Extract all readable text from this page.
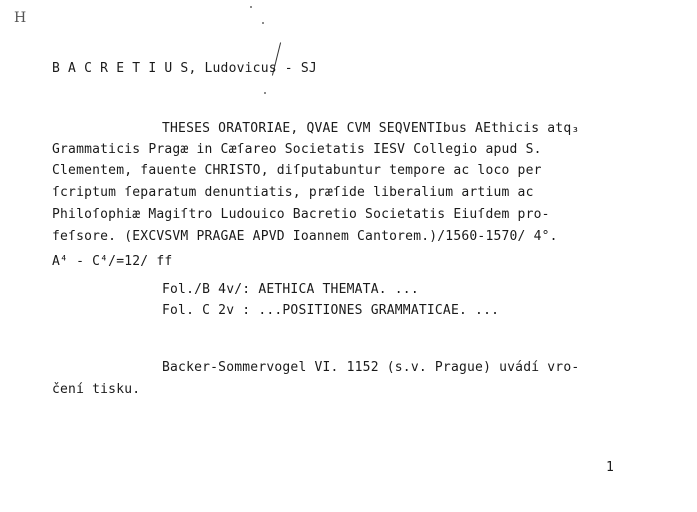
H
B A C R E T I U S, Ludovicus - SJ
THESES ORATORIAE, QVAE CVM SEQVENTIbus AEthicis atq₃
Grammaticis Pragæ in Cæſareo Societatis IESV Collegio apud S.
Clementem, fauente CHRISTO, diſputabuntur tempore ac loco per
ſcriptum ſeparatum denuntiatis, præſide liberalium artium ac
Philoſophiæ Magiſtro Ludouico Bacretio Societatis Eiuſdem pro-
feſsore. (EXCVSVM PRAGAE APVD Ioannem Cantorem.)/1560-1570/ 4°.
A⁴ - C⁴/=12/ ff
Fol./B 4v/: AETHICA THEMATA. ...
Fol. C 2v : ...POSITIONES GRAMMATICAE. ...
Backer-Sommervogel VI. 1152 (s.v. Prague) uvádí vro-
čení tisku.
1
